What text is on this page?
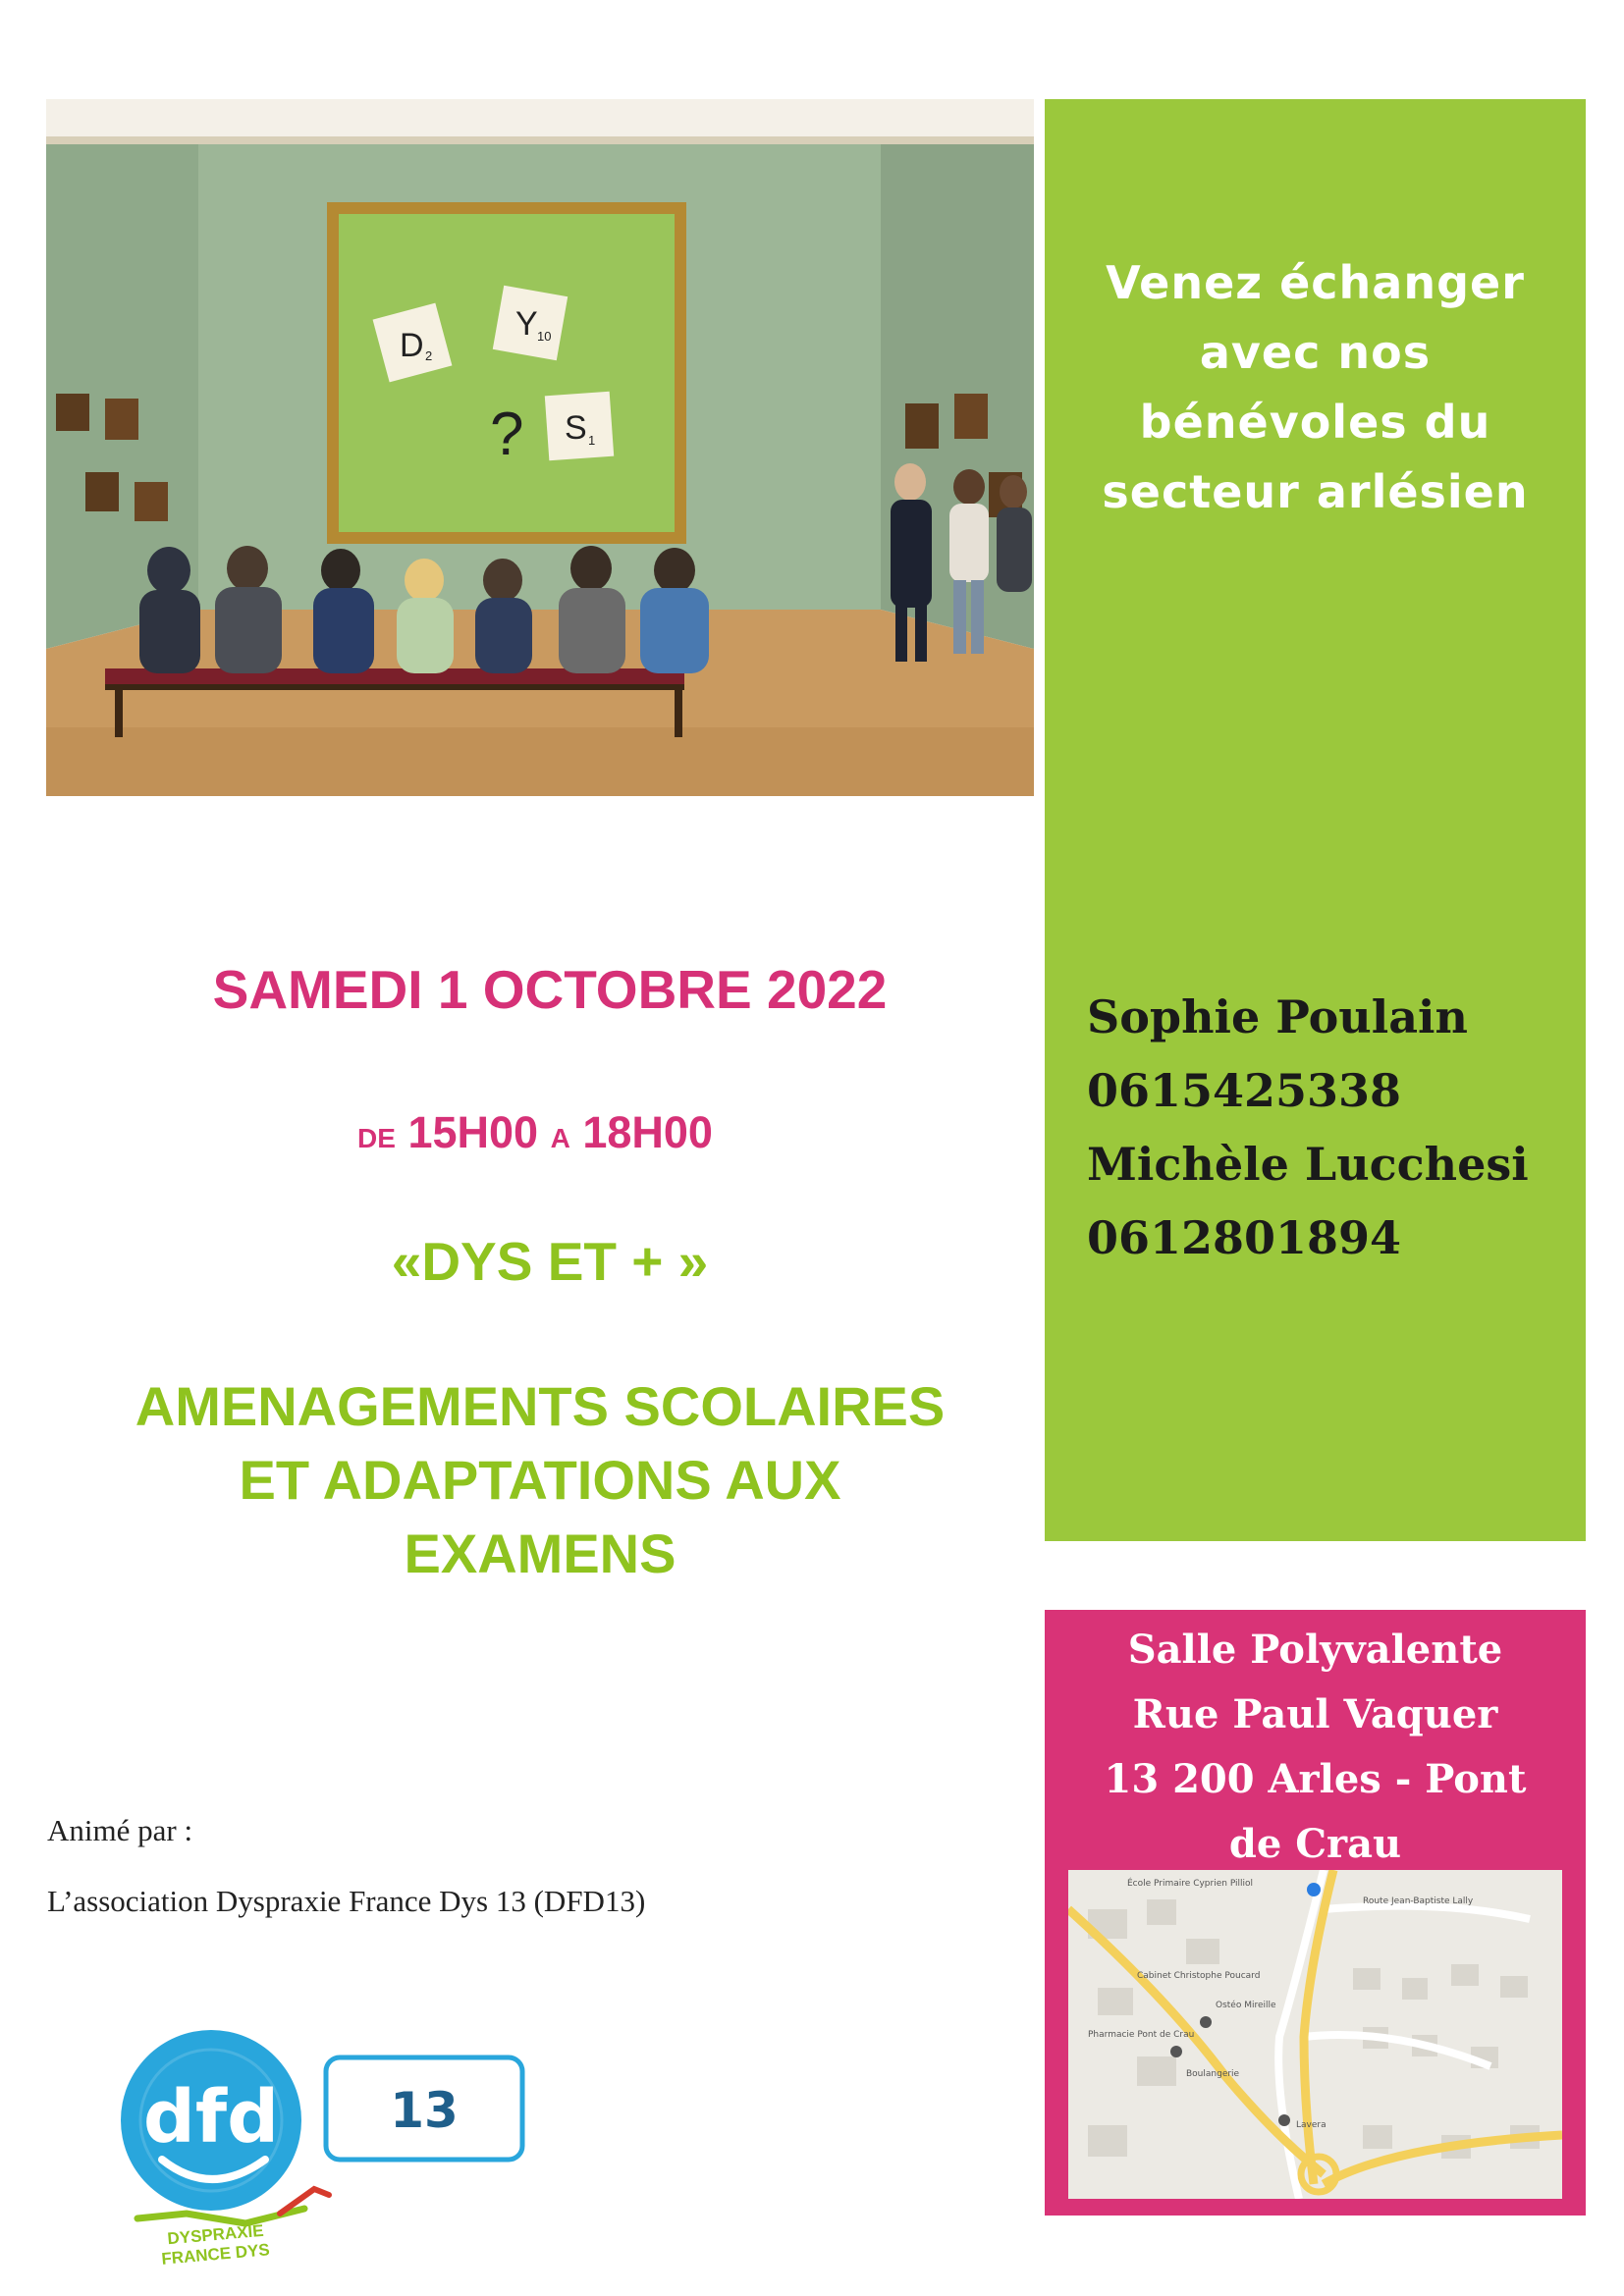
D 2
Y 10
S 1
?
Venez échanger
avec nos
bénévoles du
secteur arlésien
Sophie Poulain
0615425338
Michèle Lucchesi
0612801894
SAMEDI 1 OCTOBRE 2022
DE 15H00 A 18H00
«DYS ET + »
AMENAGEMENTS SCOLAIRES
ET ADAPTATIONS AUX
EXAMENS
Animé par :
L’association Dyspraxie France Dys 13 (DFD13)
dfd 13
DYSPRAXIE
FRANCE DYS
Salle Polyvalente
Rue Paul Vaquer
13 200 Arles - Pont
de Crau
École Primaire Cyprien Pilliol
Route Jean-Baptiste Lally
Cabinet Christophe Poucard
Ostéo Mireille
Pharmacie Pont de Crau
Boulangerie
Lavera
